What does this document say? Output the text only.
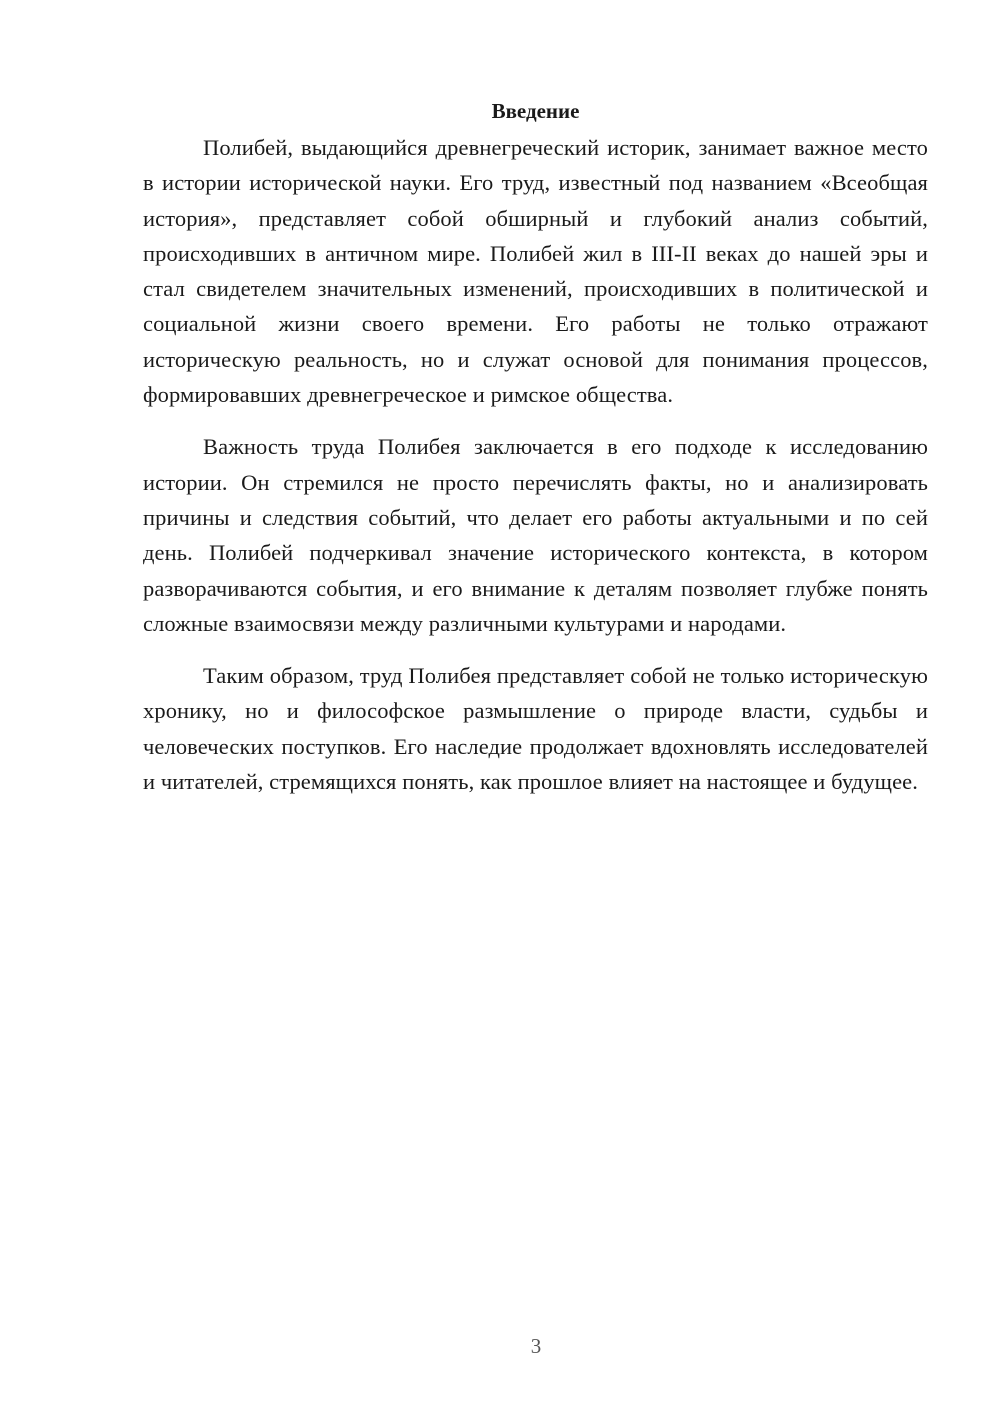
Введение

Полибей, выдающийся древнегреческий историк, занимает важное место в истории исторической науки. Его труд, известный под названием «Всеобщая история», представляет собой обширный и глубокий анализ событий, происходивших в античном мире. Полибей жил в III-II веках до нашей эры и стал свидетелем значительных изменений, происходивших в политической и социальной жизни своего времени. Его работы не только отражают историческую реальность, но и служат основой для понимания процессов, формировавших древнегреческое и римское общества.

Важность труда Полибея заключается в его подходе к исследованию истории. Он стремился не просто перечислять факты, но и анализировать причины и следствия событий, что делает его работы актуальными и по сей день. Полибей подчеркивал значение исторического контекста, в котором разворачиваются события, и его внимание к деталям позволяет глубже понять сложные взаимосвязи между различными культурами и народами.

Таким образом, труд Полибея представляет собой не только историческую хронику, но и философское размышление о природе власти, судьбы и человеческих поступков. Его наследие продолжает вдохновлять исследователей и читателей, стремящихся понять, как прошлое влияет на настоящее и будущее.

3
